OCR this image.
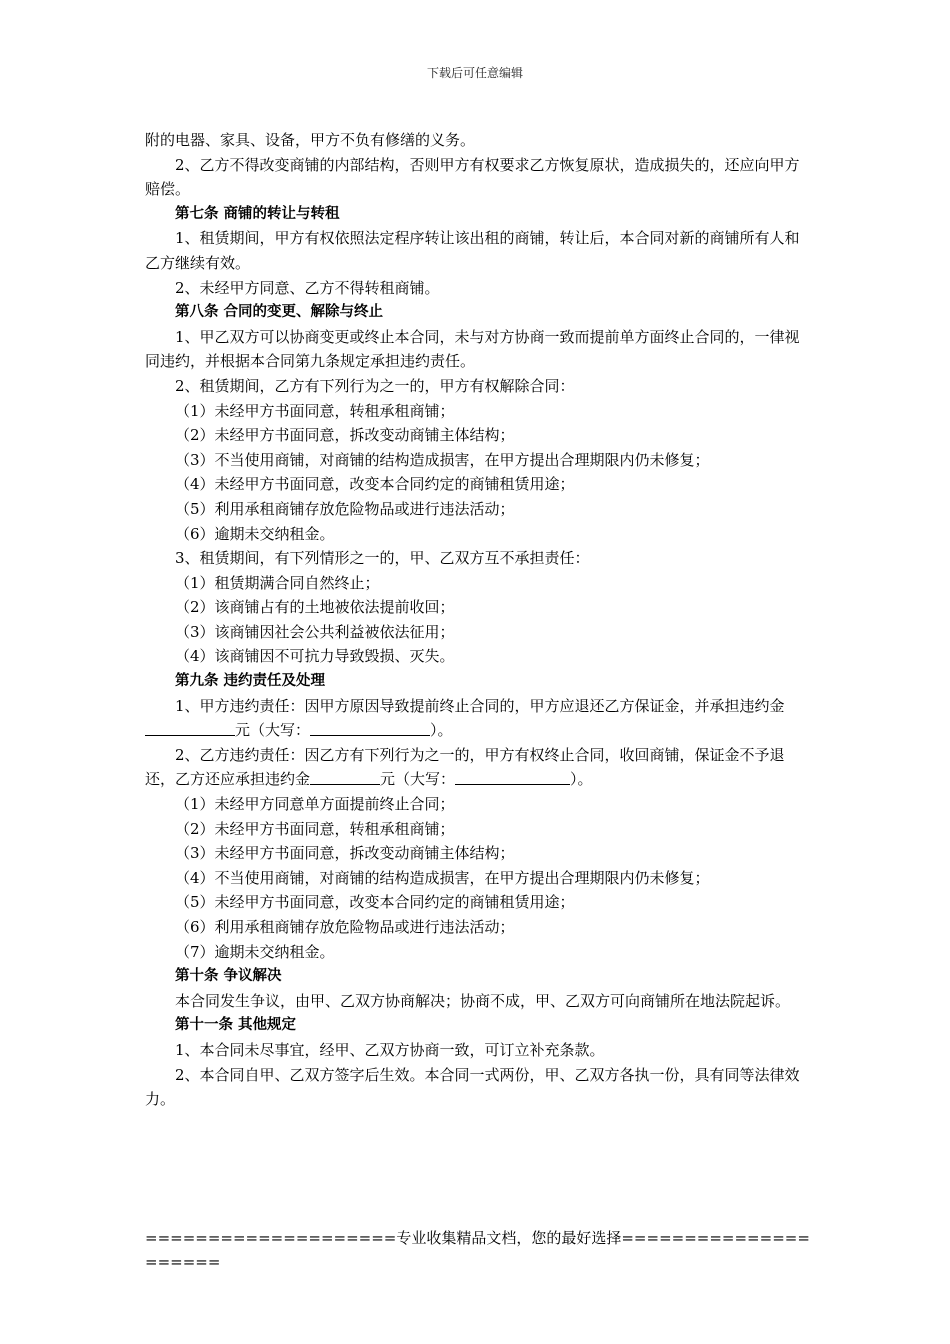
下载后可任意编辑

附的电器、家具、设备，甲方不负有修缮的义务。

2、乙方不得改变商铺的内部结构，否则甲方有权要求乙方恢复原状，造成损失的，还应向甲方赔偿。

第七条 商铺的转让与转租

1、租赁期间，甲方有权依照法定程序转让该出租的商铺，转让后，本合同对新的商铺所有人和乙方继续有效。

2、未经甲方同意、乙方不得转租商铺。

第八条 合同的变更、解除与终止

1、甲乙双方可以协商变更或终止本合同，未与对方协商一致而提前单方面终止合同的，一律视同违约，并根据本合同第九条规定承担违约责任。

2、租赁期间，乙方有下列行为之一的，甲方有权解除合同：

（1）未经甲方书面同意，转租承租商铺；

（2）未经甲方书面同意，拆改变动商铺主体结构；

（3）不当使用商铺，对商铺的结构造成损害，在甲方提出合理期限内仍未修复；

（4）未经甲方书面同意，改变本合同约定的商铺租赁用途；

（5）利用承租商铺存放危险物品或进行违法活动；

（6）逾期未交纳租金。

3、租赁期间，有下列情形之一的，甲、乙双方互不承担责任：

（1）租赁期满合同自然终止；

（2）该商铺占有的土地被依法提前收回；

（3）该商铺因社会公共利益被依法征用；

（4）该商铺因不可抗力导致毁损、灭失。

第九条 违约责任及处理

1、甲方违约责任：因甲方原因导致提前终止合同的，甲方应退还乙方保证金，并承担违约金元（大写：	）。

2、乙方违约责任：因乙方有下列行为之一的，甲方有权终止合同，收回商铺，保证金不予退还，乙方还应承担违约金	元（大写：	）。

（1）未经甲方同意单方面提前终止合同；

（2）未经甲方书面同意，转租承租商铺；

（3）未经甲方书面同意，拆改变动商铺主体结构；

（4）不当使用商铺，对商铺的结构造成损害，在甲方提出合理期限内仍未修复；

（5）未经甲方书面同意，改变本合同约定的商铺租赁用途；

（6）利用承租商铺存放危险物品或进行违法活动；

（7）逾期未交纳租金。

第十条 争议解决

本合同发生争议，由甲、乙双方协商解决；协商不成，甲、乙双方可向商铺所在地法院起诉。

第十一条 其他规定

1、本合同未尽事宜，经甲、乙双方协商一致，可订立补充条款。

2、本合同自甲、乙双方签字后生效。本合同一式两份，甲、乙双方各执一份，具有同等法律效力。

====================专业收集精品文档，您的最好选择=====================
